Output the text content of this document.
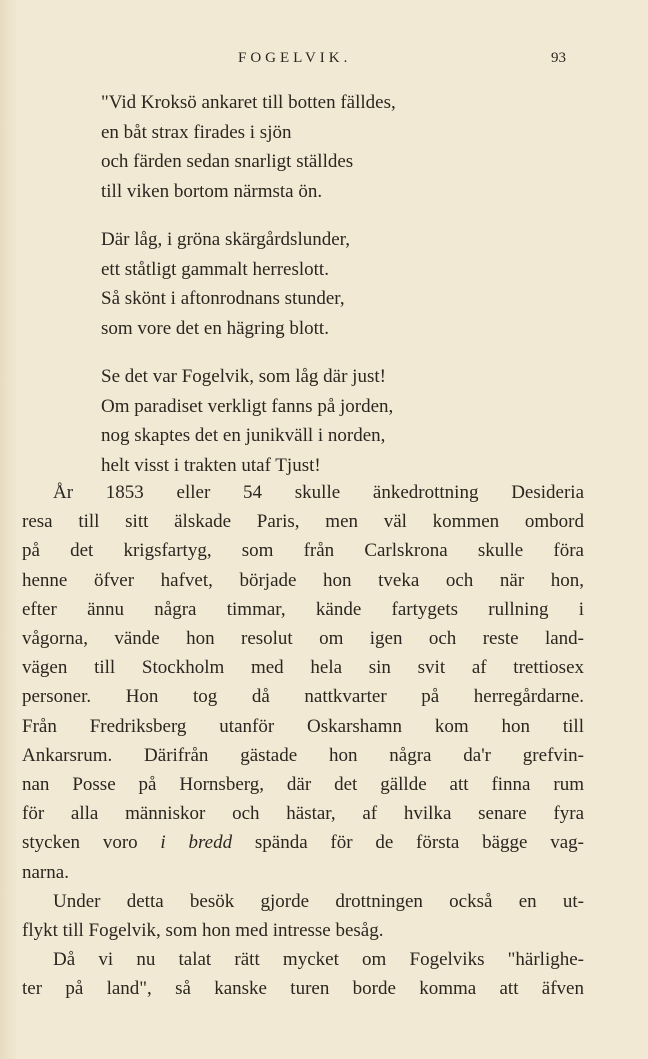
FOGELVIK.	93
"Vid Kroksö ankaret till botten fälldes,
en båt strax firades i sjön
och färden sedan snarligt ställdes
till viken bortom närmsta ön.
Där låg, i gröna skärgårdslunder,
ett ståtligt gammalt herreslott.
Så skönt i aftonrodnans stunder,
som vore det en hägring blott.
Se det var Fogelvik, som låg där just!
Om paradiset verkligt fanns på jorden,
nog skaptes det en junikväll i norden,
helt visst i trakten utaf Tjust!
År 1853 eller 54 skulle änkedrottning Desideria
resa till sitt älskade Paris, men väl kommen ombord
på det krigsfartyg, som från Carlskrona skulle föra
henne öfver hafvet, började hon tveka och när hon,
efter ännu några timmar, kände fartygets rullning i
vågorna, vände hon resolut om igen och reste land-
vägen till Stockholm med hela sin svit af trettiosex
personer. Hon tog då nattkvarter på herregårdarne.
Från Fredriksberg utanför Oskarshamn kom hon till
Ankarsrum. Därifrån gästade hon några da'r grefvin-
nan Posse på Hornsberg, där det gällde att finna rum
för alla människor och hästar, af hvilka senare fyra
stycken voro i bredd spända för de första bägge vag-
narna.
Under detta besök gjorde drottningen också en ut-
flykt till Fogelvik, som hon med intresse besåg.
Då vi nu talat rätt mycket om Fogelviks "härlighe-
ter på land", så kanske turen borde komma att äfven
